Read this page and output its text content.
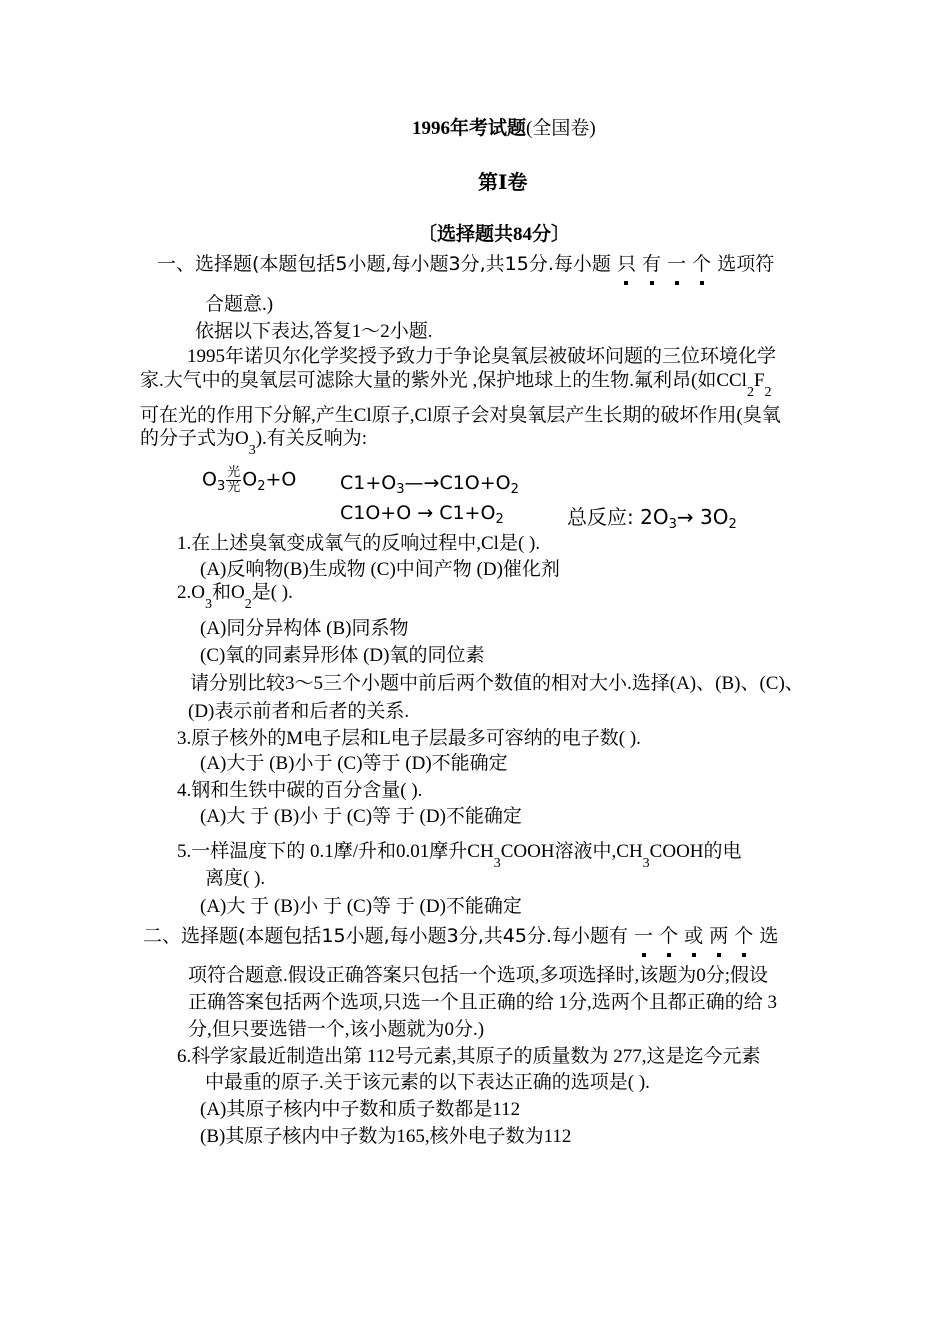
1996年考试题(全国卷)
第Ⅰ卷
〔选择题共84分〕
一、选择题(本题包括5小题,每小题3分,共15分.每小题 只 有 一 个 选项符
合题意.)
依据以下表达,答复1～2小题.
1995年诺贝尔化学奖授予致力于争论臭氧层被破坏问题的三位环境化学
家.大气中的臭氧层可滤除大量的紫外光 ,保护地球上的生物.氟利昂(如$CCl_2F_2$
可在光的作用下分解,产生Cl原子,Cl原子会对臭氧层产生长期的破坏作用(臭氧
的分子式为$O_3$).有关反响为:
$O_3 \frac{\text{光}}{\text{光}} O_2+O$ $C1+O_3—\to C1O+O_2$
$C1O+O \to C1+O_2$	总反应: $2O_3\to 3O_2$
1.在上述臭氧变成氧气的反响过程中,Cl是( ).
(A)反响物(B)生成物 (C)中间产物 (D)催化剂
$2.O_3$和$O_2$是( ).
(A)同分异构体 (B)同系物
(C)氧的同素异形体 (D)氧的同位素
请分别比较3～5三个小题中前后两个数值的相对大小.选择(A)、(B)、(C)、
(D)表示前者和后者的关系.
3.原子核外的M电子层和L电子层最多可容纳的电子数( ).
(A)大于 (B)小于 (C)等于 (D)不能确定
4.钢和生铁中碳的百分含量( ).
(A)大 于 (B)小 于 (C)等 于 (D)不能确定
5.一样温度下的 0.1摩/升和0.01摩升$CH_3COOH$溶液中$,CH_3COOH$的电
离度( ).
(A)大 于 (B)小 于 (C)等 于 (D)不能确定
二、选择题(本题包括15小题,每小题3分,共45分.每小题有 一 个 或 两 个 选
项符合题意.假设正确答案只包括一个选项,多项选择时,该题为0分;假设
正确答案包括两个选项,只选一个且正确的给 1分,选两个且都正确的给 3
分,但只要选错一个,该小题就为0分.)
6.科学家最近制造出第 112号元素,其原子的质量数为 277,这是迄今元素
中最重的原子.关于该元素的以下表达正确的选项是( ).
(A)其原子核内中子数和质子数都是112
(B)其原子核内中子数为165,核外电子数为112
